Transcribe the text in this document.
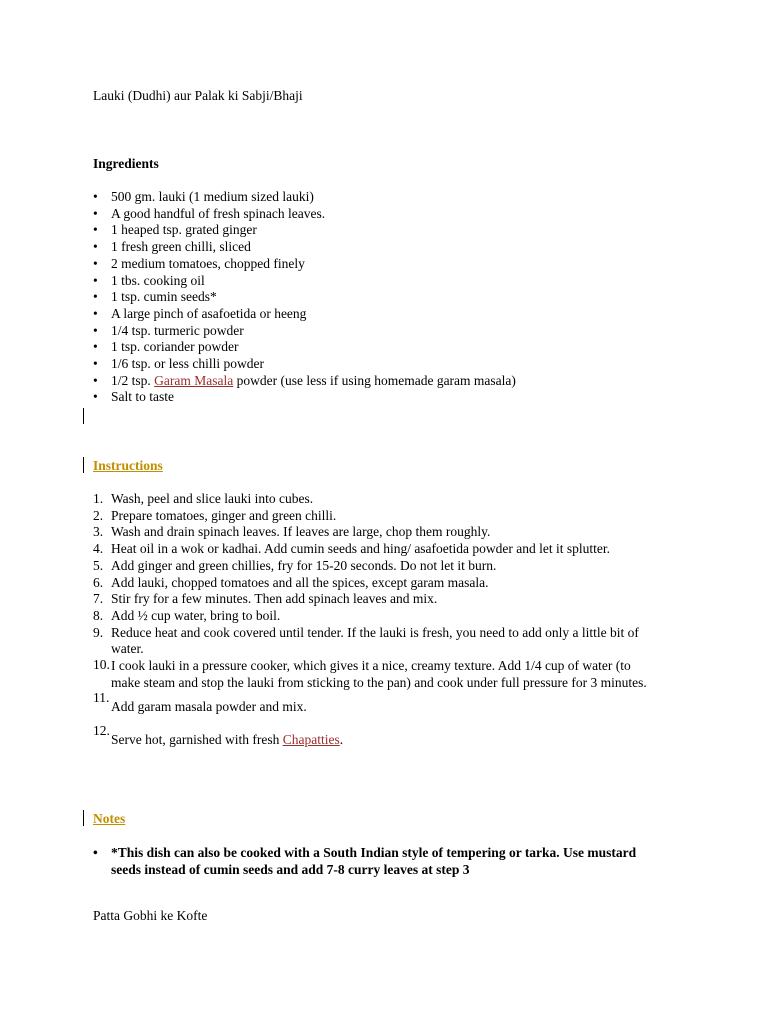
Lauki (Dudhi) aur Palak ki Sabji/Bhaji

Ingredients
• 500 gm. lauki (1 medium sized lauki)
• A good handful of fresh spinach leaves.
• 1 heaped tsp. grated ginger
• 1 fresh green chilli, sliced
• 2 medium tomatoes, chopped finely
• 1 tbs. cooking oil
• 1 tsp. cumin seeds*
• A large pinch of asafoetida or heeng
• 1/4 tsp. turmeric powder
• 1 tsp. coriander powder
• 1/6 tsp. or less chilli powder
• 1/2 tsp. Garam Masala powder (use less if using homemade garam masala)
• Salt to taste
Instructions
1. Wash, peel and slice lauki into cubes.
2. Prepare tomatoes, ginger and green chilli.
3. Wash and drain spinach leaves. If leaves are large, chop them roughly.
4. Heat oil in a wok or kadhai. Add cumin seeds and hing/ asafoetida powder and let it splutter.
5. Add ginger and green chillies, fry for 15-20 seconds. Do not let it burn.
6. Add lauki, chopped tomatoes and all the spices, except garam masala.
7. Stir fry for a few minutes. Then add spinach leaves and mix.
8. Add ½ cup water, bring to boil.
9. Reduce heat and cook covered until tender. If the lauki is fresh, you need to add only a little bit of water.
10. I cook lauki in a pressure cooker, which gives it a nice, creamy texture. Add 1/4 cup of water (to make steam and stop the lauki from sticking to the pan) and cook under full pressure for 3 minutes.
11.
Add garam masala powder and mix.
12.
Serve hot, garnished with fresh Chapatties.
Notes
• *This dish can also be cooked with a South Indian style of tempering or tarka. Use mustard seeds instead of cumin seeds and add 7-8 curry leaves at step 3

Patta Gobhi ke Kofte
